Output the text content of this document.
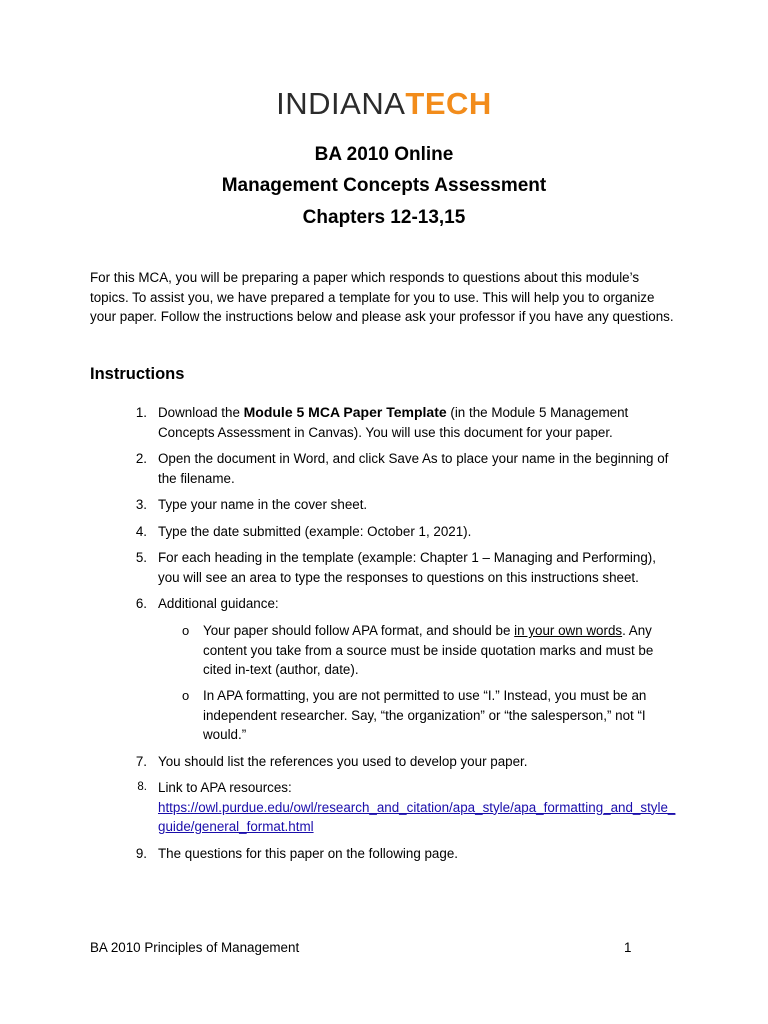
INDIANATECH
BA 2010 Online
Management Concepts Assessment
Chapters 12-13,15
For this MCA, you will be preparing a paper which responds to questions about this module’s topics. To assist you, we have prepared a template for you to use. This will help you to organize your paper. Follow the instructions below and please ask your professor if you have any questions.
Instructions
1. Download the Module 5 MCA Paper Template (in the Module 5 Management Concepts Assessment in Canvas). You will use this document for your paper.
2. Open the document in Word, and click Save As to place your name in the beginning of the filename.
3. Type your name in the cover sheet.
4. Type the date submitted (example: October 1, 2021).
5. For each heading in the template (example: Chapter 1 – Managing and Performing), you will see an area to type the responses to questions on this instructions sheet.
6. Additional guidance:
o Your paper should follow APA format, and should be in your own words. Any content you take from a source must be inside quotation marks and must be cited in-text (author, date).
o In APA formatting, you are not permitted to use “I.” Instead, you must be an independent researcher. Say, “the organization” or “the salesperson,” not “I would.”
7. You should list the references you used to develop your paper.
8. Link to APA resources:
https://owl.purdue.edu/owl/research_and_citation/apa_style/apa_formatting_and_style_guide/general_format.html
9. The questions for this paper on the following page.
BA 2010 Principles of Management	1
